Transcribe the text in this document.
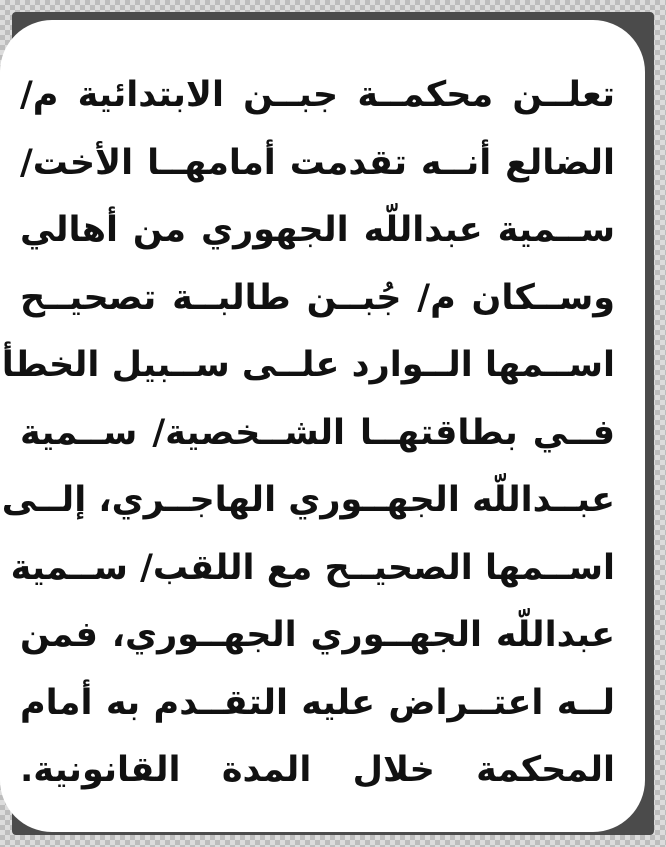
تعلــن محكمــة جبــن الابتدائية م/
الضالع أنــه تقدمت أمامهــا الأخت/
ســمية عبداللّه الجهوري من أهالي
وســكان م/ جُبــن طالبــة تصحيــح
اســمها الــوارد علــى ســبيل الخطأ
فــي بطاقتهــا الشــخصية/ ســمية
عبــداللّه الجهــوري الهاجــري، إلــى
اســمها الصحيــح مع اللقب/ ســمية
عبداللّه الجهــوري الجهــوري، فمن
لــه اعتــراض عليه التقــدم به أمام
المحكمة خلال المدة القانونية.
